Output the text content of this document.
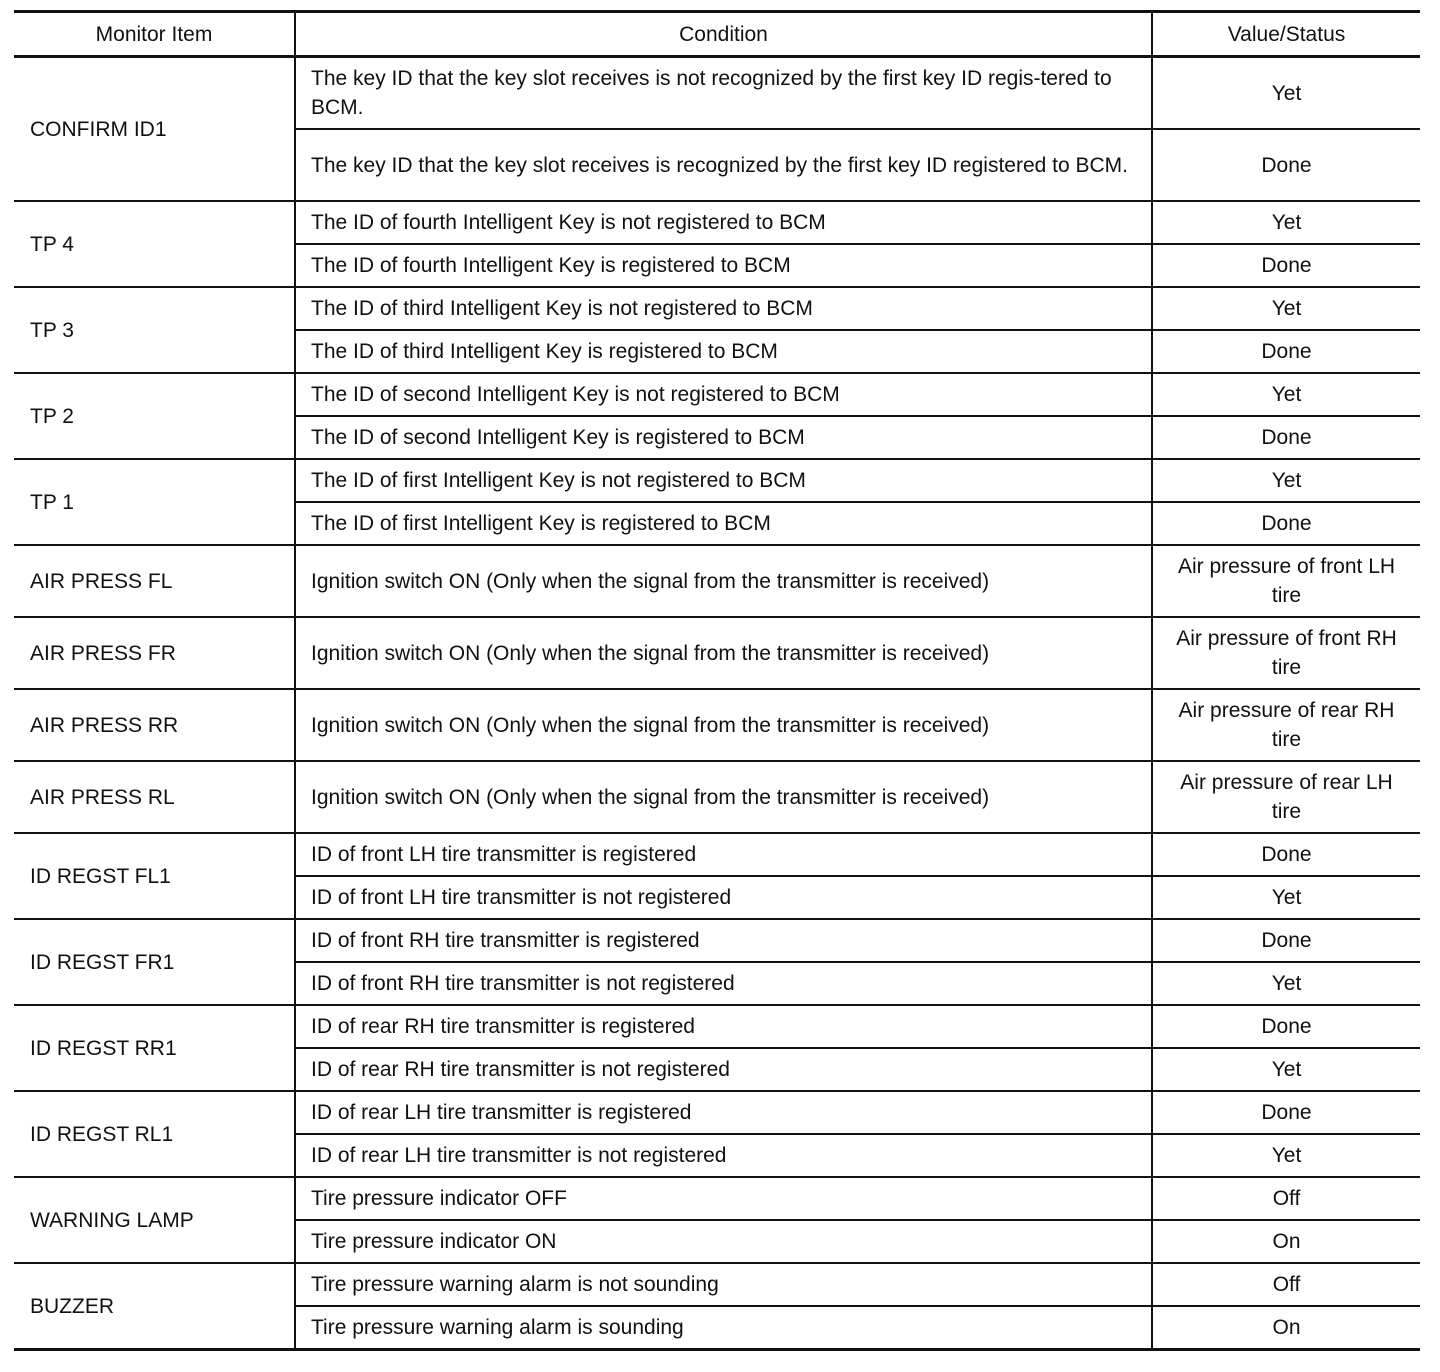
Monitor Item	Condition	Value/Status
CONFIRM ID1	The key ID that the key slot receives is not recognized by the first key ID regis-tered to BCM.	Yet
	The key ID that the key slot receives is recognized by the first key ID registered to BCM.	Done
TP 4	The ID of fourth Intelligent Key is not registered to BCM	Yet
	The ID of fourth Intelligent Key is registered to BCM	Done
TP 3	The ID of third Intelligent Key is not registered to BCM	Yet
	The ID of third Intelligent Key is registered to BCM	Done
TP 2	The ID of second Intelligent Key is not registered to BCM	Yet
	The ID of second Intelligent Key is registered to BCM	Done
TP 1	The ID of first Intelligent Key is not registered to BCM	Yet
	The ID of first Intelligent Key is registered to BCM	Done
AIR PRESS FL	Ignition switch ON (Only when the signal from the transmitter is received)	Air pressure of front LH tire
AIR PRESS FR	Ignition switch ON (Only when the signal from the transmitter is received)	Air pressure of front RH tire
AIR PRESS RR	Ignition switch ON (Only when the signal from the transmitter is received)	Air pressure of rear RH tire
AIR PRESS RL	Ignition switch ON (Only when the signal from the transmitter is received)	Air pressure of rear LH tire
ID REGST FL1	ID of front LH tire transmitter is registered	Done
	ID of front LH tire transmitter is not registered	Yet
ID REGST FR1	ID of front RH tire transmitter is registered	Done
	ID of front RH tire transmitter is not registered	Yet
ID REGST RR1	ID of rear RH tire transmitter is registered	Done
	ID of rear RH tire transmitter is not registered	Yet
ID REGST RL1	ID of rear LH tire transmitter is registered	Done
	ID of rear LH tire transmitter is not registered	Yet
WARNING LAMP	Tire pressure indicator OFF	Off
	Tire pressure indicator ON	On
BUZZER	Tire pressure warning alarm is not sounding	Off
	Tire pressure warning alarm is sounding	On
